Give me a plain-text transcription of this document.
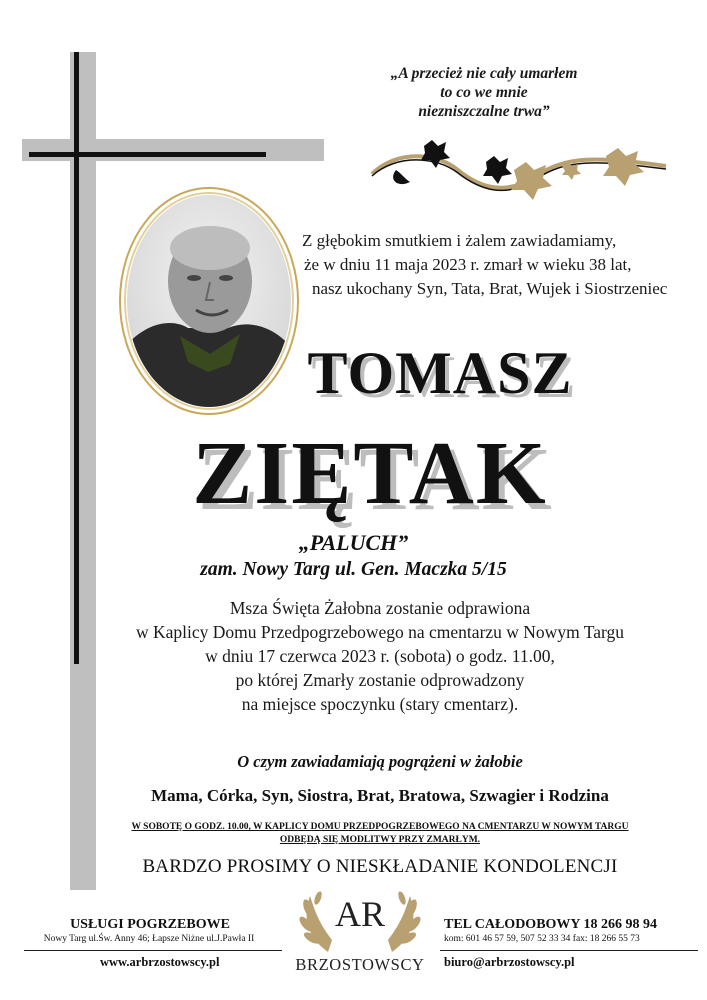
„A przecież nie cały umarłem
to co we mnie
niezniszczalne trwa”
Z głębokim smutkiem i żalem zawiadamiamy,
że w dniu 11 maja 2023 r. zmarł w wieku 38 lat,
nasz ukochany Syn, Tata, Brat, Wujek i Siostrzeniec
TOMASZ
ZIĘTAK
„PALUCH”
zam. Nowy Targ ul. Gen. Maczka 5/15
Msza Święta Żałobna zostanie odprawiona
w Kaplicy Domu Przedpogrzebowego na cmentarzu w Nowym Targu
w dniu 17 czerwca 2023 r. (sobota) o godz. 11.00,
po której Zmarły zostanie odprowadzony
na miejsce spoczynku (stary cmentarz).
O czym zawiadamiają pogrążeni w żałobie
Mama, Córka, Syn, Siostra, Brat, Bratowa, Szwagier i Rodzina
W SOBOTĘ O GODZ. 10.00, W KAPLICY DOMU PRZEDPOGRZEBOWEGO NA CMENTARZU W NOWYM TARGU
ODBĘDĄ SIĘ MODLITWY PRZY ZMARŁYM.
BARDZO PROSIMY O NIESKŁADANIE KONDOLENCJI
USŁUGI POGRZEBOWE
Nowy Targ ul.Św. Anny 46; Łapsze Niżne ul.J.Pawła II
www.arbrzostowscy.pl
AR
BRZOSTOWSCY
TEL CAŁODOBOWY 18 266 98 94
kom: 601 46 57 59, 507 52 33 34 fax: 18 266 55 73
biuro@arbrzostowscy.pl
